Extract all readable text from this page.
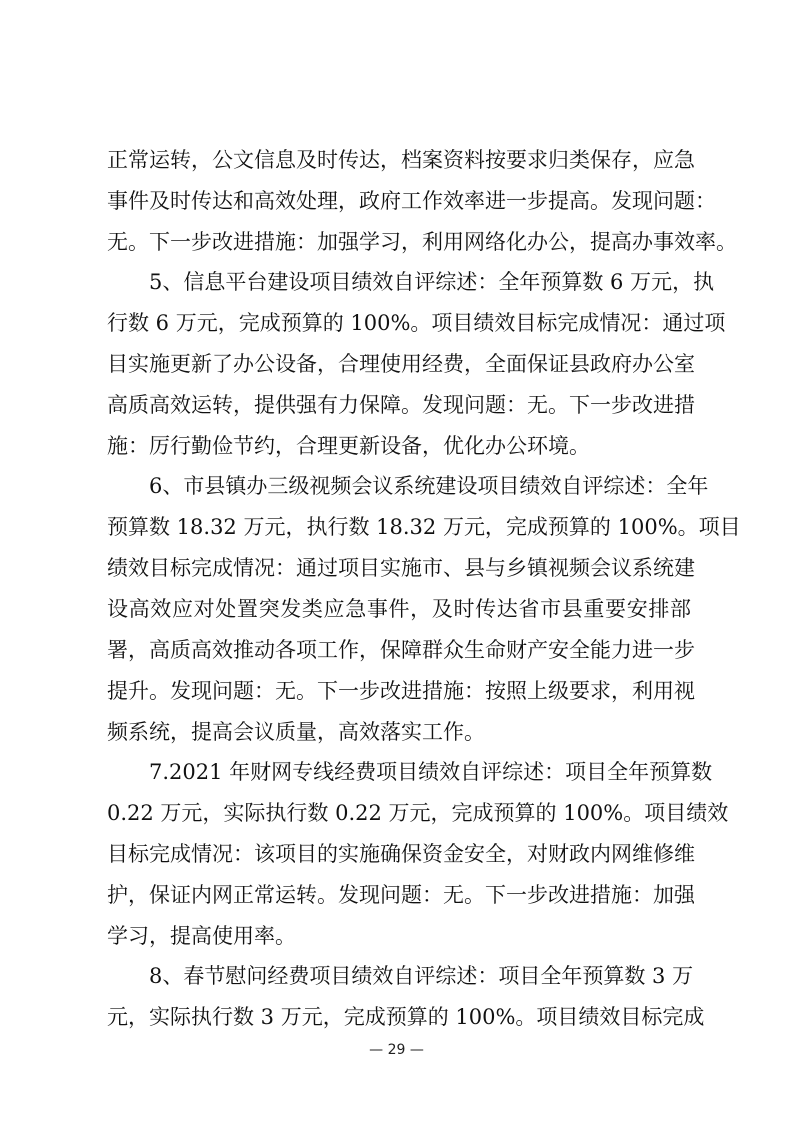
正常运转，公文信息及时传达，档案资料按要求归类保存，应急
事件及时传达和高效处理，政府工作效率进一步提高。发现问题：
无。下一步改进措施：加强学习，利用网络化办公，提高办事效率。
5、信息平台建设项目绩效自评综述：全年预算数 6 万元，执
行数 6 万元，完成预算的 100%。项目绩效目标完成情况：通过项
目实施更新了办公设备，合理使用经费，全面保证县政府办公室
高质高效运转，提供强有力保障。发现问题：无。下一步改进措
施：厉行勤俭节约，合理更新设备，优化办公环境。
6、市县镇办三级视频会议系统建设项目绩效自评综述：全年
预算数 18.32 万元，执行数 18.32 万元，完成预算的 100%。项目
绩效目标完成情况：通过项目实施市、县与乡镇视频会议系统建
设高效应对处置突发类应急事件，及时传达省市县重要安排部
署，高质高效推动各项工作，保障群众生命财产安全能力进一步
提升。发现问题：无。下一步改进措施：按照上级要求，利用视
频系统，提高会议质量，高效落实工作。
7.2021 年财网专线经费项目绩效自评综述：项目全年预算数
0.22 万元，实际执行数 0.22 万元，完成预算的 100%。项目绩效
目标完成情况：该项目的实施确保资金安全，对财政内网维修维
护，保证内网正常运转。发现问题：无。下一步改进措施：加强
学习，提高使用率。
8、春节慰问经费项目绩效自评综述：项目全年预算数 3 万
元，实际执行数 3 万元，完成预算的 100%。项目绩效目标完成
— 29 —
